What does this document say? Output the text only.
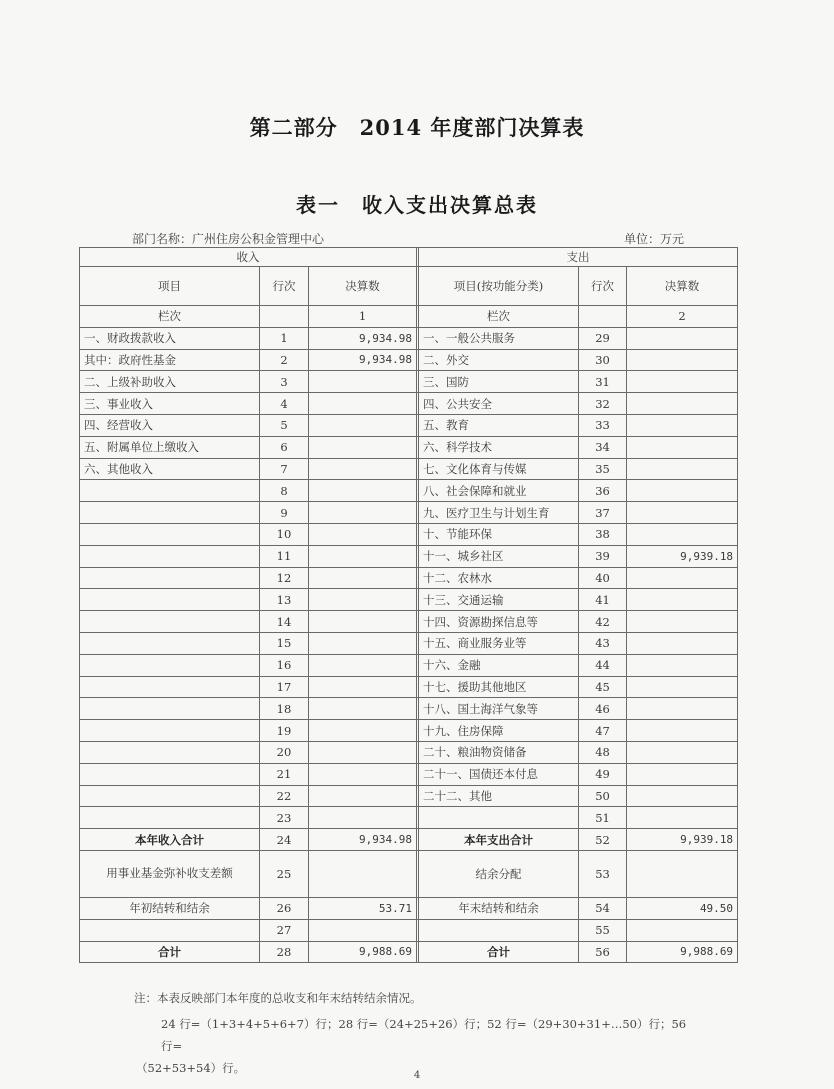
第二部分　2014 年度部门决算表
表一　收入支出决算总表
部门名称：广州住房公积金管理中心	单位：万元
收入				支出		
项目	行次	决算数		项目(按功能分类)	行次	决算数
栏次		1		栏次		2
一、财政拨款收入	1	9,934.98		一、一般公共服务	29	
其中：政府性基金	2	9,934.98		二、外交	30	
二、上级补助收入	3			三、国防	31	
三、事业收入	4			四、公共安全	32	
四、经营收入	5			五、教育	33	
五、附属单位上缴收入	6			六、科学技术	34	
六、其他收入	7			七、文化体育与传媒	35	
	8			八、社会保障和就业	36	
	9			九、医疗卫生与计划生育	37	
	10			十、节能环保	38	
	11			十一、城乡社区	39	9,939.18
	12			十二、农林水	40	
	13			十三、交通运输	41	
	14			十四、资源勘探信息等	42	
	15			十五、商业服务业等	43	
	16			十六、金融	44	
	17			十七、援助其他地区	45	
	18			十八、国土海洋气象等	46	
	19			十九、住房保障	47	
	20			二十、粮油物资储备	48	
	21			二十一、国债还本付息	49	
	22			二十二、其他	50	
	23				51	
本年收入合计	24	9,934.98		本年支出合计	52	9,939.18
用事业基金弥补收支差额	25			结余分配	53	
年初结转和结余	26	53.71		年末结转和结余	54	49.50
	27				55	
合计	28	9,988.69		合计	56	9,988.69
注：本表反映部门本年度的总收支和年末结转结余情况。
24 行=（1+3+4+5+6+7）行；28 行=（24+25+26）行；52 行=（29+30+31+…50）行；56 行=
（52+53+54）行。
4
